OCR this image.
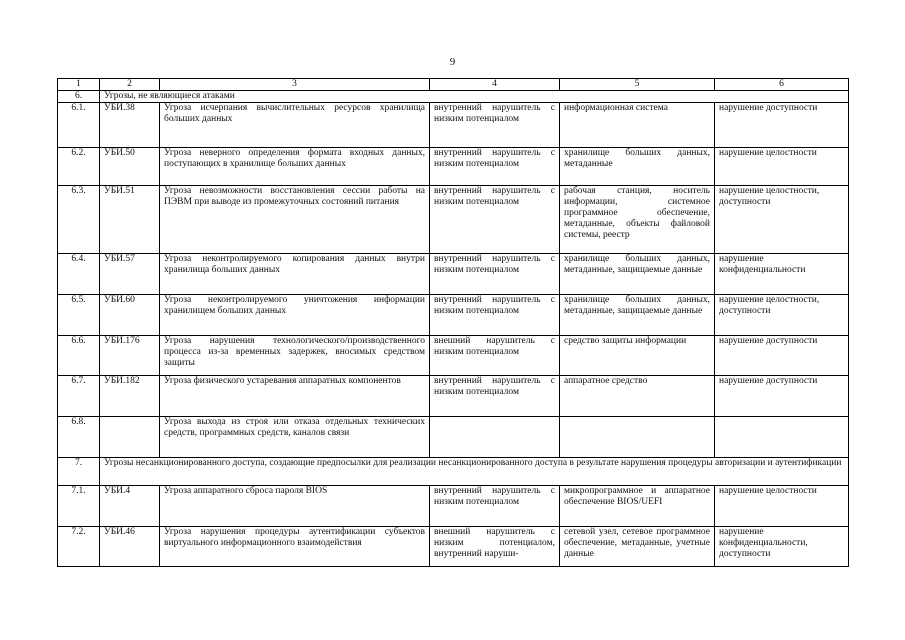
9
1	2	3	4	5	6
6.	Угрозы, не являющиеся атаками				
6.1.	УБИ.38	Угроза исчерпания вычислительных ресурсов хранилища больших данных	внутренний нарушитель с низким потенциалом	информационная система	нарушение доступности
6.2.	УБИ.50	Угроза неверного определения формата входных данных, поступающих в хранилище больших данных	внутренний нарушитель с низким потенциалом	хранилище больших данных, метаданные	нарушение целостности
6.3.	УБИ.51	Угроза невозможности восстановления сессии работы на ПЭВМ при выводе из промежуточных состояний питания	внутренний нарушитель с низким потенциалом	рабочая станция, носитель информации, системное программное обеспечение, метаданные, объекты файловой системы, реестр	нарушение целостности, доступности
6.4.	УБИ.57	Угроза неконтролируемого копирования данных внутри хранилища больших данных	внутренний нарушитель с низким потенциалом	хранилище больших данных, метаданные, защищаемые данные	нарушение конфиденциальности
6.5.	УБИ.60	Угроза неконтролируемого уничтожения информации хранилищем больших данных	внутренний нарушитель с низким потенциалом	хранилище больших данных, метаданные, защищаемые данные	нарушение целостности, доступности
6.6.	УБИ.176	Угроза нарушения технологического/производственного процесса из-за временных задержек, вносимых средством защиты	внешний нарушитель с низким потенциалом	средство защиты информации	нарушение доступности
6.7.	УБИ.182	Угроза физического устаревания аппаратных компонентов	внутренний нарушитель с низким потенциалом	аппаратное средство	нарушение доступности
6.8.		Угроза выхода из строя или отказа отдельных технических средств, программных средств, каналов связи			
7.	Угрозы несанкционированного доступа, создающие предпосылки для реализации несанкционированного доступа в результате нарушения процедуры авторизации и аутентификации				
7.1.	УБИ.4	Угроза аппаратного сброса пароля BIOS	внутренний нарушитель с низким потенциалом	микропрограммное и аппаратное обеспечение BIOS/UEFI	нарушение целостности
7.2.	УБИ.46	Угроза нарушения процедуры аутентификации субъектов виртуального информационного взаимодействия	внешний нарушитель с низким потенциалом, внутренний наруши-	сетевой узел, сетевое программное обеспечение, метаданные, учетные данные	нарушение конфиденциальности, доступности
